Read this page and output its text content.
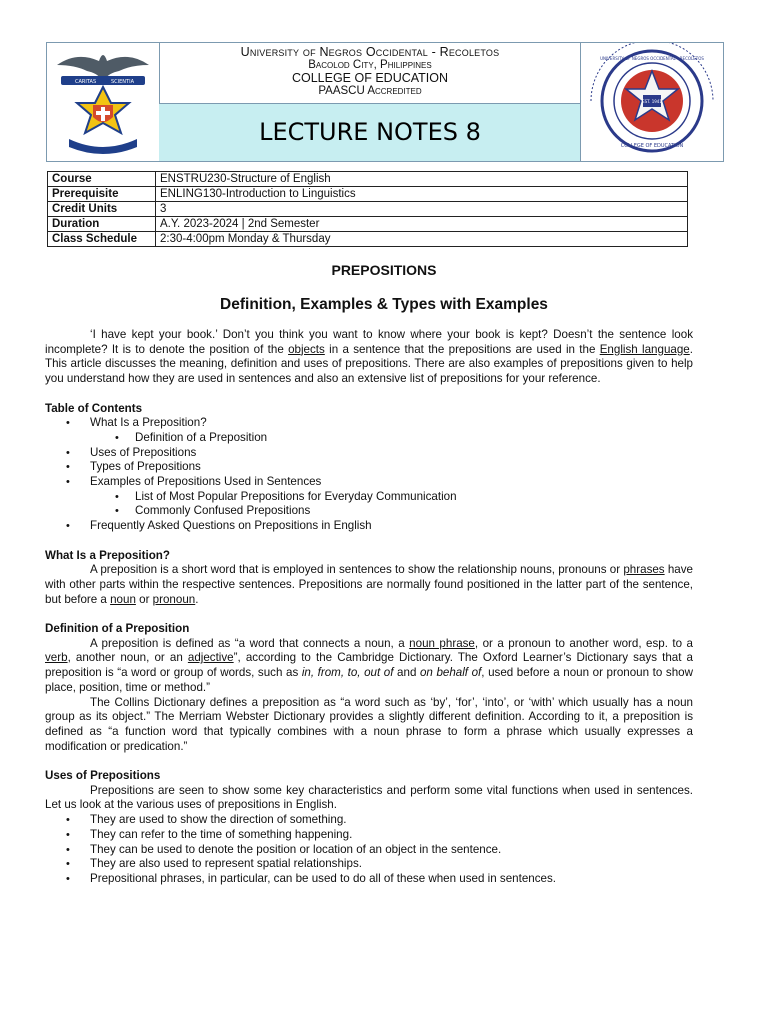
CARITAS	SCIENTIA
University of Negros Occidental - Recoletos
Bacolod City, Philippines
COLLEGE OF EDUCATION
PAASCU Accredited
LECTURE NOTES 8	COLLEGE OF EDUCATION
UNIVERSITY OF NEGROS OCCIDENTAL - RECOLETOS
EST. 1941
Course	ENSTRU230-Structure of English
Prerequisite	ENLING130-Introduction to Linguistics
Credit Units	3
Duration	A.Y. 2023-2024 | 2nd Semester
Class Schedule	2:30-4:00pm Monday & Thursday
PREPOSITIONS
Definition, Examples & Types with Examples

‘I have kept your book.’ Don’t you think you want to know where your book is kept? Doesn’t the sentence look incomplete? It is to denote the position of the objects in a sentence that the prepositions are used in the English language. This article discusses the meaning, definition and uses of prepositions. There are also examples of prepositions given to help you understand how they are used in sentences and also an extensive list of prepositions for your reference.

Table of Contents

• What Is a Preposition?
• Definition of a Preposition
• Uses of Prepositions
• Types of Prepositions
• Examples of Prepositions Used in Sentences
• List of Most Popular Prepositions for Everyday Communication
• Commonly Confused Prepositions
• Frequently Asked Questions on Prepositions in English

What Is a Preposition?

A preposition is a short word that is employed in sentences to show the relationship nouns, pronouns or phrases have with other parts within the respective sentences. Prepositions are normally found positioned in the latter part of the sentence, but before a noun or pronoun.

Definition of a Preposition

A preposition is defined as “a word that connects a noun, a noun phrase, or a pronoun to another word, esp. to a verb, another noun, or an adjective”, according to the Cambridge Dictionary. The Oxford Learner’s Dictionary says that a preposition is “a word or group of words, such as in, from, to, out of and on behalf of, used before a noun or pronoun to show place, position, time or method.”

The Collins Dictionary defines a preposition as “a word such as ‘by’, ‘for’, ‘into’, or ‘with’ which usually has a noun group as its object.” The Merriam Webster Dictionary provides a slightly different definition. According to it, a preposition is defined as “a function word that typically combines with a noun phrase to form a phrase which usually expresses a modification or predication.”

Uses of Prepositions

Prepositions are seen to show some key characteristics and perform some vital functions when used in sentences. Let us look at the various uses of prepositions in English.

• They are used to show the direction of something.
• They can refer to the time of something happening.
• They can be used to denote the position or location of an object in the sentence.
• They are also used to represent spatial relationships.
• Prepositional phrases, in particular, can be used to do all of these when used in sentences.
